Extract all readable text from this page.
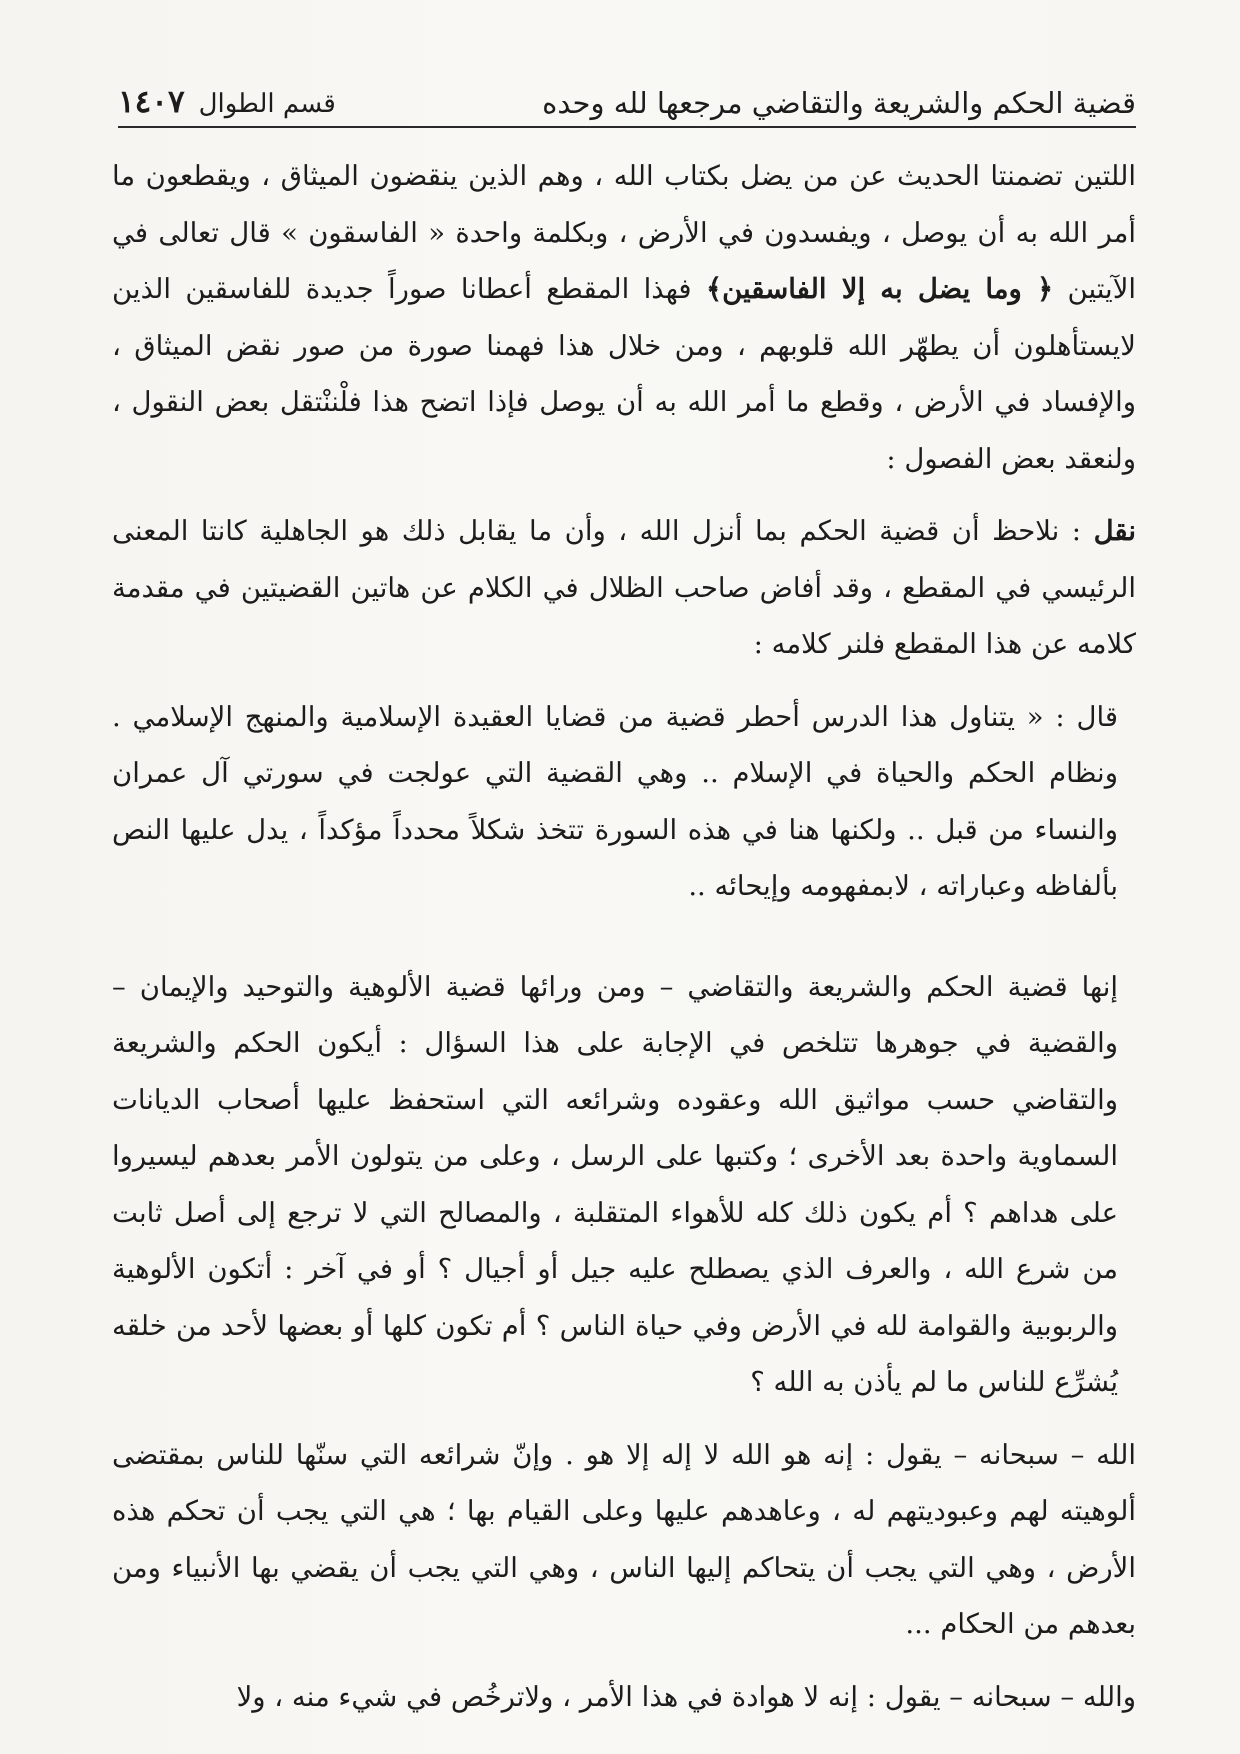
قضية الحكم والشريعة والتقاضي مرجعها لله وحده
قسم الطوال
١٤٠٧

اللتين تضمنتا الحديث عن من يضل بكتاب الله ، وهم الذين ينقضون الميثاق ، ويقطعون ما أمر الله به أن يوصل ، ويفسدون في الأرض ، وبكلمة واحدة « الفاسقون » قال تعالى في الآيتين ﴿ وما يضل به إلا الفاسقين﴾ فهذا المقطع أعطانا صوراً جديدة للفاسقين الذين لايستأهلون أن يطهّر الله قلوبهم ، ومن خلال هذا فهمنا صورة من صور نقض الميثاق ، والإفساد في الأرض ، وقطع ما أمر الله به أن يوصل فإذا اتضح هذا فلْننْتقل بعض النقول ، ولنعقد بعض الفصول :

نقل : نلاحظ أن قضية الحكم بما أنزل الله ، وأن ما يقابل ذلك هو الجاهلية كانتا المعنى الرئيسي في المقطع ، وقد أفاض صاحب الظلال في الكلام عن هاتين القضيتين في مقدمة كلامه عن هذا المقطع فلنر كلامه :

قال : « يتناول هذا الدرس أحطر قضية من قضايا العقيدة الإسلامية والمنهج الإسلامي . ونظام الحكم والحياة في الإسلام .. وهي القضية التي عولجت في سورتي آل عمران والنساء من قبل .. ولكنها هنا في هذه السورة تتخذ شكلاً محدداً مؤكداً ، يدل عليها النص بألفاظه وعباراته ، لابمفهومه وإيحائه ..

إنها قضية الحكم والشريعة والتقاضي – ومن ورائها قضية الألوهية والتوحيد والإيمان – والقضية في جوهرها تتلخص في الإجابة على هذا السؤال : أيكون الحكم والشريعة والتقاضي حسب مواثيق الله وعقوده وشرائعه التي استحفظ عليها أصحاب الديانات السماوية واحدة بعد الأخرى ؛ وكتبها على الرسل ، وعلى من يتولون الأمر بعدهم ليسيروا على هداهم ؟ أم يكون ذلك كله للأهواء المتقلبة ، والمصالح التي لا ترجع إلى أصل ثابت من شرع الله ، والعرف الذي يصطلح عليه جيل أو أجيال ؟ أو في آخر : أتكون الألوهية والربوبية والقوامة لله في الأرض وفي حياة الناس ؟ أم تكون كلها أو بعضها لأحد من خلقه يُشرِّع للناس ما لم يأذن به الله ؟

الله – سبحانه – يقول : إنه هو الله لا إله إلا هو . وإنّ شرائعه التي سنّها للناس بمقتضى ألوهيته لهم وعبوديتهم له ، وعاهدهم عليها وعلى القيام بها ؛ هي التي يجب أن تحكم هذه الأرض ، وهي التي يجب أن يتحاكم إليها الناس ، وهي التي يجب أن يقضي بها الأنبياء ومن بعدهم من الحكام ...

والله – سبحانه – يقول : إنه لا هوادة في هذا الأمر ، ولاترخُص في شيء منه ، ولا
